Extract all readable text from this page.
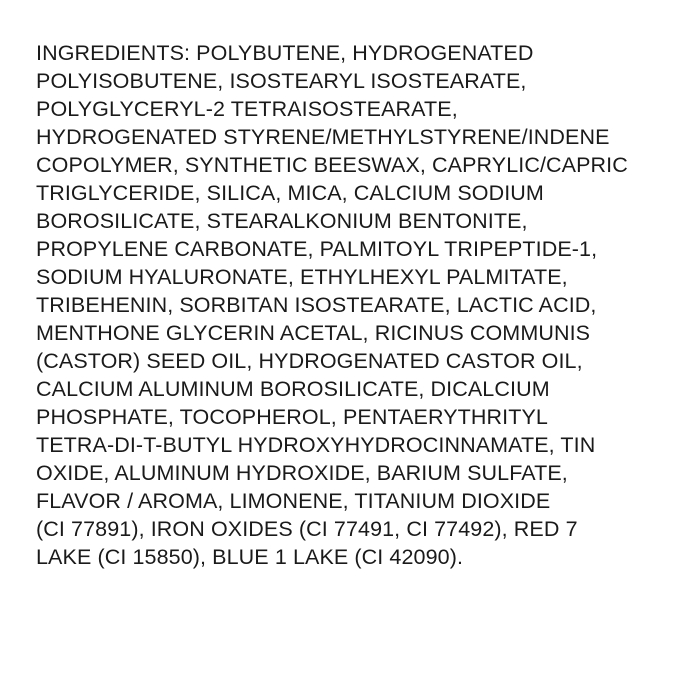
INGREDIENTS: POLYBUTENE, HYDROGENATED
POLYISOBUTENE, ISOSTEARYL ISOSTEARATE,
POLYGLYCERYL-2 TETRAISOSTEARATE,
HYDROGENATED STYRENE/METHYLSTYRENE/INDENE
COPOLYMER, SYNTHETIC BEESWAX, CAPRYLIC/CAPRIC
TRIGLYCERIDE, SILICA, MICA, CALCIUM SODIUM
BOROSILICATE, STEARALKONIUM BENTONITE,
PROPYLENE CARBONATE, PALMITOYL TRIPEPTIDE-1,
SODIUM HYALURONATE, ETHYLHEXYL PALMITATE,
TRIBEHENIN, SORBITAN ISOSTEARATE, LACTIC ACID,
MENTHONE GLYCERIN ACETAL, RICINUS COMMUNIS
(CASTOR) SEED OIL, HYDROGENATED CASTOR OIL,
CALCIUM ALUMINUM BOROSILICATE, DICALCIUM
PHOSPHATE, TOCOPHEROL, PENTAERYTHRITYL
TETRA-DI-T-BUTYL HYDROXYHYDROCINNAMATE, TIN
OXIDE, ALUMINUM HYDROXIDE, BARIUM SULFATE,
FLAVOR / AROMA, LIMONENE, TITANIUM DIOXIDE
(CI 77891), IRON OXIDES (CI 77491, CI 77492), RED 7
LAKE (CI 15850), BLUE 1 LAKE (CI 42090).
